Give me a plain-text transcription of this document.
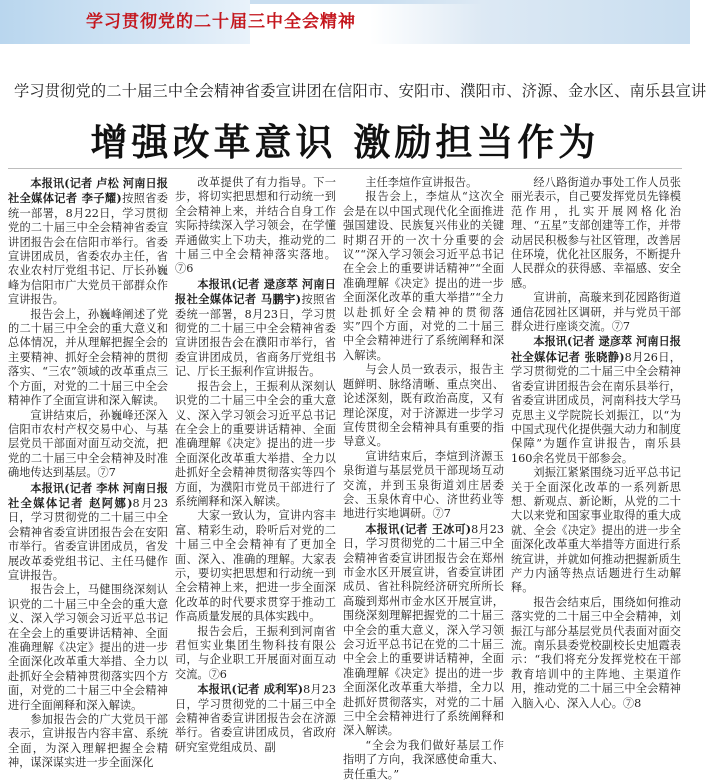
学习贯彻党的二十届三中全会精神
学习贯彻党的二十届三中全会精神省委宣讲团在信阳市、安阳市、濮阳市、济源、金水区、南乐县宣讲
增强改革意识 激励担当作为

本报讯(记者 卢松 河南日报社全媒体记者 李子耀)按照省委统一部署，8月22日，学习贯彻党的二十届三中全会精神省委宣讲团报告会在信阳市举行。省委宣讲团成员，省委农办主任，省农业农村厅党组书记、厅长孙巍峰为信阳市广大党员干部群众作宣讲报告。

报告会上，孙巍峰阐述了党的二十届三中全会的重大意义和总体情况，并从理解把握全会的主要精神、抓好全会精神的贯彻落实、“三农”领域的改革重点三个方面，对党的二十届三中全会精神作了全面宣讲和深入解读。

宣讲结束后，孙巍峰还深入信阳市农村产权交易中心、与基层党员干部面对面互动交流，把党的二十届三中全会精神及时准确地传达到基层。⑦7

本报讯(记者 李林 河南日报社全媒体记者 赵阿娜)8月23日，学习贯彻党的二十届三中全会精神省委宣讲团报告会在安阳市举行。省委宣讲团成员，省发展改革委党组书记、主任马健作宣讲报告。

报告会上，马健围绕深刻认识党的二十届三中全会的重大意义、深入学习领会习近平总书记在全会上的重要讲话精神、全面准确理解《决定》提出的进一步全面深化改革重大举措、全力以赴抓好全会精神贯彻落实四个方面，对党的二十届三中全会精神进行全面阐释和深入解读。

参加报告会的广大党员干部表示，宣讲报告内容丰富、系统全面，为深入理解把握全会精神，谋深谋实进一步全面深化

改革提供了有力指导。下一步，将切实把思想和行动统一到全会精神上来，并结合自身工作实际持续深入学习领会，在学懂弄通做实上下功夫，推动党的二十届三中全会精神落实落地。⑦6

本报讯(记者 逯彦萃 河南日报社全媒体记者 马鹏宇)按照省委统一部署，8月23日，学习贯彻党的二十届三中全会精神省委宣讲团报告会在濮阳市举行，省委宣讲团成员，省商务厅党组书记、厅长王振利作宣讲报告。

报告会上，王振利从深刻认识党的二十届三中全会的重大意义、深入学习领会习近平总书记在全会上的重要讲话精神、全面准确理解《决定》提出的进一步全面深化改革重大举措、全力以赴抓好全会精神贯彻落实等四个方面，为濮阳市党员干部进行了系统阐释和深入解读。

大家一致认为，宣讲内容丰富、精彩生动，聆听后对党的二十届三中全会精神有了更加全面、深入、准确的理解。大家表示，要切实把思想和行动统一到全会精神上来，把进一步全面深化改革的时代要求贯穿于推动工作高质量发展的具体实践中。

报告会后，王振利到河南省君恒实业集团生物科技有限公司，与企业职工开展面对面互动交流。⑦6

本报讯(记者 成利军)8月23日，学习贯彻党的二十届三中全会精神省委宣讲团报告会在济源举行。省委宣讲团成员，省政府研究室党组成员、副

主任李煊作宣讲报告。

报告会上，李煊从“这次全会是在以中国式现代化全面推进强国建设、民族复兴伟业的关键时期召开的一次十分重要的会议”“深入学习领会习近平总书记在全会上的重要讲话精神”“全面准确理解《决定》提出的进一步全面深化改革的重大举措”“全力以赴抓好全会精神的贯彻落实”四个方面，对党的二十届三中全会精神进行了系统阐释和深入解读。

与会人员一致表示，报告主题鲜明、脉络清晰、重点突出、论述深刻，既有政治高度，又有理论深度，对于济源进一步学习宣传贯彻全会精神具有重要的指导意义。

宣讲结束后，李煊到济源玉泉街道与基层党员干部现场互动交流，并到玉泉街道刘庄居委会、玉泉休育中心、济世药业等地进行实地调研。⑦7

本报讯(记者 王冰可)8月23日，学习贯彻党的二十届三中全会精神省委宣讲团报告会在郑州市金水区开展宣讲，省委宣讲团成员、省社科院经济研究所所长高璇到郑州市金水区开展宣讲，围绕深刻理解把握党的二十届三中全会的重大意义，深入学习领会习近平总书记在党的二十届三中全会上的重要讲话精神，全面准确理解《决定》提出的进一步全面深化改革重大举措，全力以赴抓好贯彻落实，对党的二十届三中全会精神进行了系统阐释和深入解读。

“全会为我们做好基层工作指明了方向，我深感使命重大、责任重大。”

经八路街道办事处工作人员张丽光表示，自己要发挥党员先锋模范作用，扎实开展网格化治理、“五星”支部创建等工作，并带动居民积极参与社区管理，改善居住环境，优化社区服务，不断提升人民群众的获得感、幸福感、安全感。

宣讲前，高璇来到花园路街道通信花园社区调研，并与党员干部群众进行座谈交流。⑦7

本报讯(记者 逯彦萃 河南日报社全媒体记者 张晓静)8月26日，学习贯彻党的二十届三中全会精神省委宣讲团报告会在南乐县举行，省委宣讲团成员，河南科技大学马克思主义学院院长刘振江，以“为中国式现代化提供强大动力和制度保障”为题作宣讲报告，南乐县160余名党员干部参会。

刘振江紧紧围绕习近平总书记关于全面深化改革的一系列新思想、新观点、新论断，从党的二十大以来党和国家事业取得的重大成就、全会《决定》提出的进一步全面深化改革重大举措等方面进行系统宣讲，并就如何推动把握新质生产力内涵等热点话题进行生动解释。

报告会结束后，围绕如何推动落实党的二十届三中全会精神，刘振江与部分基层党员代表面对面交流。南乐县委党校副校长史旭霞表示：“我们将充分发挥党校在干部教育培训中的主阵地、主渠道作用，推动党的二十届三中全会精神入脑入心、深入人心。⑦8
